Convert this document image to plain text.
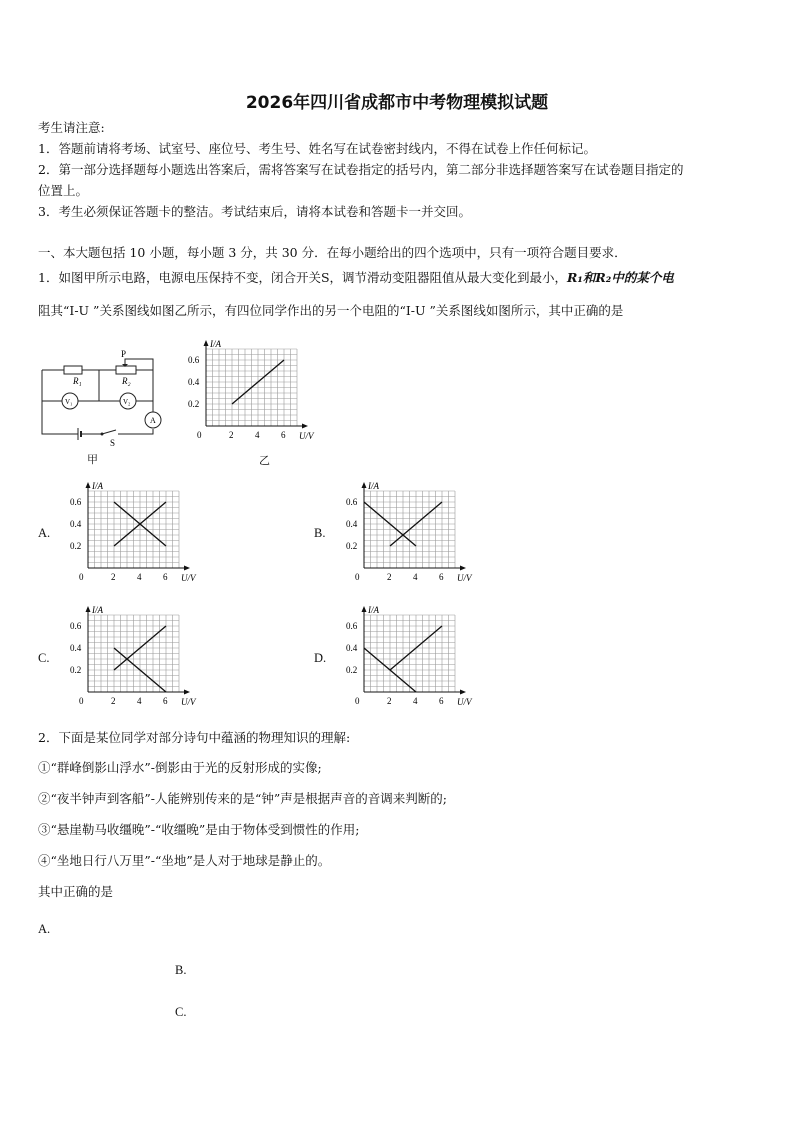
2026年四川省成都市中考物理模拟试题
考生请注意:
1．答题前请将考场、试室号、座位号、考生号、姓名写在试卷密封线内，不得在试卷上作任何标记。
2．第一部分选择题每小题选出答案后，需将答案写在试卷指定的括号内，第二部分非选择题答案写在试卷题目指定的
位置上。
3．考生必须保证答题卡的整洁。考试结束后，请将本试卷和答题卡一并交回。
一、本大题包括 10 小题，每小题 3 分，共 30 分．在每小题给出的四个选项中，只有一项符合题目要求．
1．如图甲所示电路，电源电压保持不变，闭合开关S，调节滑动变阻器阻值从最大变化到最小，R₁和R₂中的某个电
阻其“I-U ”关系图线如图乙所示，有四位同学作出的另一个电阻的“I-U ”关系图线如图所示，其中正确的是
R₁	R₂
P
V₁	V₂
A
S
甲	乙
0	2 4 6
0.2
0.4
0.6
U/V
I/A
A.
0	2 4 6
0.2
0.4
0.6
U/V
I/A
B.
0	2 4 6
0.2
0.4
0.6
U/V
I/A
C.
0	2 4 6
0.2
0.4
0.6
U/V
I/A
D.
0	2 4 6
0.2
0.4
0.6
U/V
I/A
2．下面是某位同学对部分诗句中蕴涵的物理知识的理解:
①“群峰倒影山浮水”-倒影由于光的反射形成的实像;
②“夜半钟声到客船”-人能辨别传来的是“钟”声是根据声音的音调来判断的;
③“悬崖勒马收缰晚”-“收缰晚”是由于物体受到惯性的作用;
④“坐地日行八万里”-“坐地”是人对于地球是静止的。
其中正确的是
A.
B.
C.
